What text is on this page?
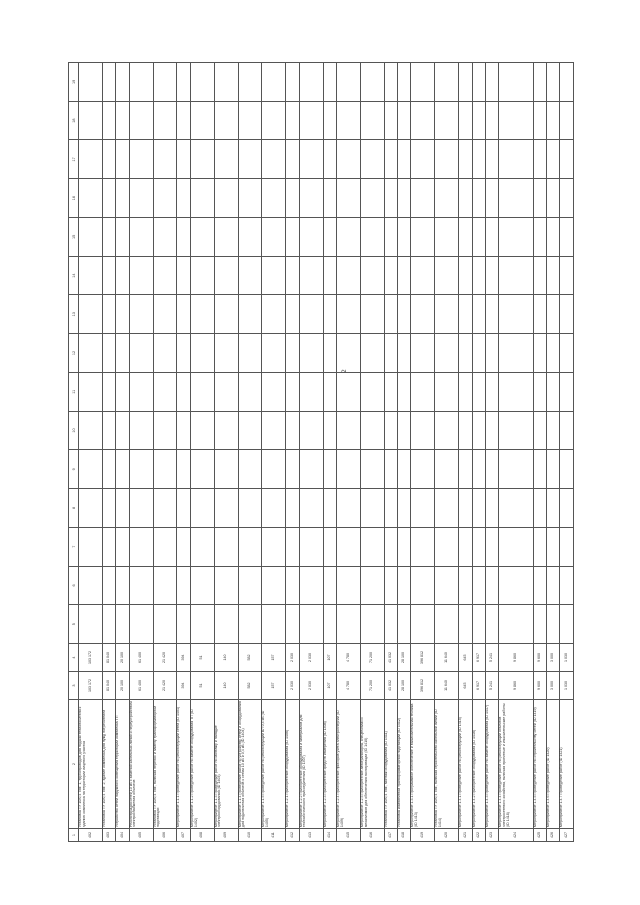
2
1	2	3	4	5	6	7	8	9	10	11	12	13	14	15	16	17	18	19
402	Установка ТУ 10/0,4 ТМГ 1, трубопроводов для подачи теплоносителя к зданию комплекса на территории лицевого участка	103 172	103 172															
403	Установка ТУ 10/0,4 ТМГ 2, здание комплекса для нужд потребителей	81 040	81 040															
404	Устройство сетей наружного освещения территории комплекса ТП	20 100	20 100															
405	Реконструкция сетей 10 кВ с заменой кабельных линий и переустройством электроснабжения объектов	61 400	61 400															
406	Установка ТУ 10/0,4 ТМГ, включая перенос и замену трансформаторной подстанции	21 420	21 420															
407	Мероприятие 1.1.1 Проведение работ по реконструкции сетей (ID 1401)	394	394															
408	Мероприятие 1.1.2 Проведение работ по замене оборудования ТП (ID 1402)	51	51															
409	Мероприятие 1.1.3 Проведение работ по монтажу и наладке электрооборудования (ID 1403)	140	140															
410	Мероприятие 1.1.4 Проведение работ по устройству сетей и оборудования для подключения объектов к сетям 10 кВ и 0,4 кВ (ID 1404)	582	582															
411	Мероприятие 1.1.5 Проведение работ по реконструкции ВЛ 0,4 кВ (ID 1405)	157	157															
412	Мероприятие 1.2.1 Приобретение оборудования (ID 1406)	2 030	2 030															
413	Мероприятие 1.2.2 Приобретение оборудования и материалов для технологического присоединения (ID 1407)	2 030	2 030															
414	Мероприятие 1.2.3 Приобретение средств измерения (ID 1408)	107	107															
415	Мероприятие 1.2.4 Приобретение приборов учета электроэнергии (ID 1409)	4 780	4 780															
416	Мероприятие 1.2.5 Приобретение автотранспорта, спецтехники и механизмов для обеспечения эксплуатации (ID 1410)	71 200	71 200															
417	Установка ТУ 10/0,4 ТМГ, монтаж оборудования (ID 1411)	41 032	41 032															
418	Установка комплектной трансформаторной подстанции (ID 1412)	28 100	28 100															
419	Мероприятие 1.3.1 Программное обеспечение и вычислительная техника (ID 1413)	396 812	396 812															
420	Установка ТУ 10/0,4 ТМГ, включая строительство кабельной линии (ID 1414)	11 640	11 640															
421	Мероприятие 1.4.1 Проведение работ по реконструкции (ID 1415)	645	645															
422	Мероприятие 1.4.2 Приобретение оборудования (ID 1416)	6 917	6 917															
423	Мероприятие 1.4.3 Проведение работ по замене оборудования (ID 1417)	5 241	5 241															
424	Мероприятие 1.4.4 Проведение работ по реконструкции объектов электросетевого хозяйства, включая проектные и изыскательские работы (ID 1418)	9 860	9 860															
425	Мероприятие 1.4.5 Проведение работ по строительству сетей (ID 1419)	9 600	9 600															
426	Мероприятие 1.4.6 Проведение работ (ID 1420)	3 000	3 000															
427	Мероприятие 1.4.7 Проведение работ (ID 1421)	1 030	1 030															
